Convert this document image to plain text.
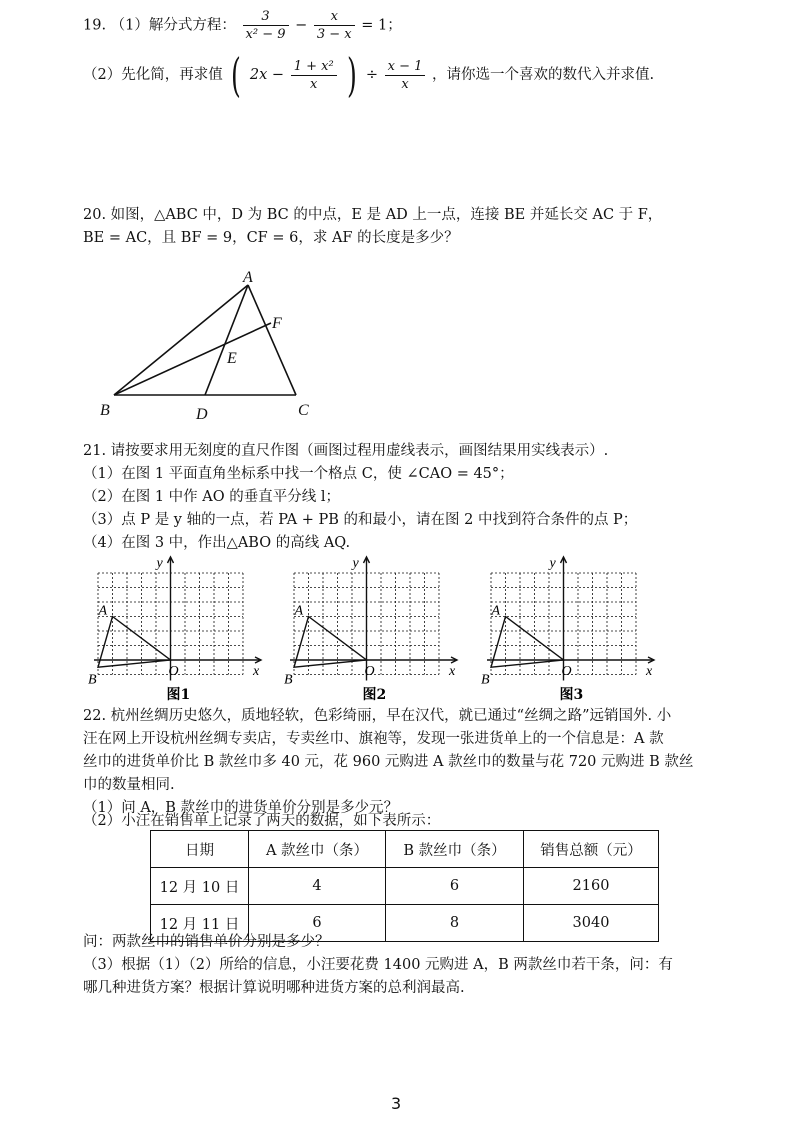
19. （1）解分式方程： $\frac{3}{\text{x² − 9}} - \frac{x}{3 - x} = 1$；
（2）先化简，再求值 ( $2x - \frac{\text{1 + x²}}{x}$ ) ÷ $\frac{x - 1}{x}$ ，请你选一个喜欢的数代入并求值.
20. 如图，△ABC 中，D 为 BC 的中点，E 是 AD 上一点，连接 BE 并延长交 AC 于 F，
BE = AC，且 BF = 9，CF = 6，求 AF 的长度是多少？
A
B	C
D
E
F
21. 请按要求用无刻度的直尺作图（画图过程用虚线表示，画图结果用实线表示）.
（1）在图 1 平面直角坐标系中找一个格点 C，使 ∠CAO = 45°；
（2）在图 1 中作 AO 的垂直平分线 l；
（3）点 P 是 y 轴的一点，若 PA + PB 的和最小，请在图 2 中找到符合条件的点 P；
（4）在图 3 中，作出△ABO 的高线 AQ.
y
x
A
B
O
图1
y
x
A
B
O
图2
y
x
A
B
O
图3
22. 杭州丝绸历史悠久，质地轻软，色彩绮丽，早在汉代，就已通过“丝绸之路”远销国外. 小
汪在网上开设杭州丝绸专卖店，专卖丝巾、旗袍等，发现一张进货单上的一个信息是：A 款
丝巾的进货单价比 B 款丝巾多 40 元，花 960 元购进 A 款丝巾的数量与花 720 元购进 B 款丝
巾的数量相同.
（1）问 A，B 款丝巾的进货单价分别是多少元？
（2）小汪在销售单上记录了两天的数据，如下表所示：
日期	A 款丝巾（条）	B 款丝巾（条）	销售总额（元）
12 月 10 日	4	6	2160
12 月 11 日	6	8	3040
问：两款丝巾的销售单价分别是多少？
（3）根据（1）（2）所给的信息，小汪要花费 1400 元购进 A，B 两款丝巾若干条，问：有
哪几种进货方案？根据计算说明哪种进货方案的总利润最高.
3
